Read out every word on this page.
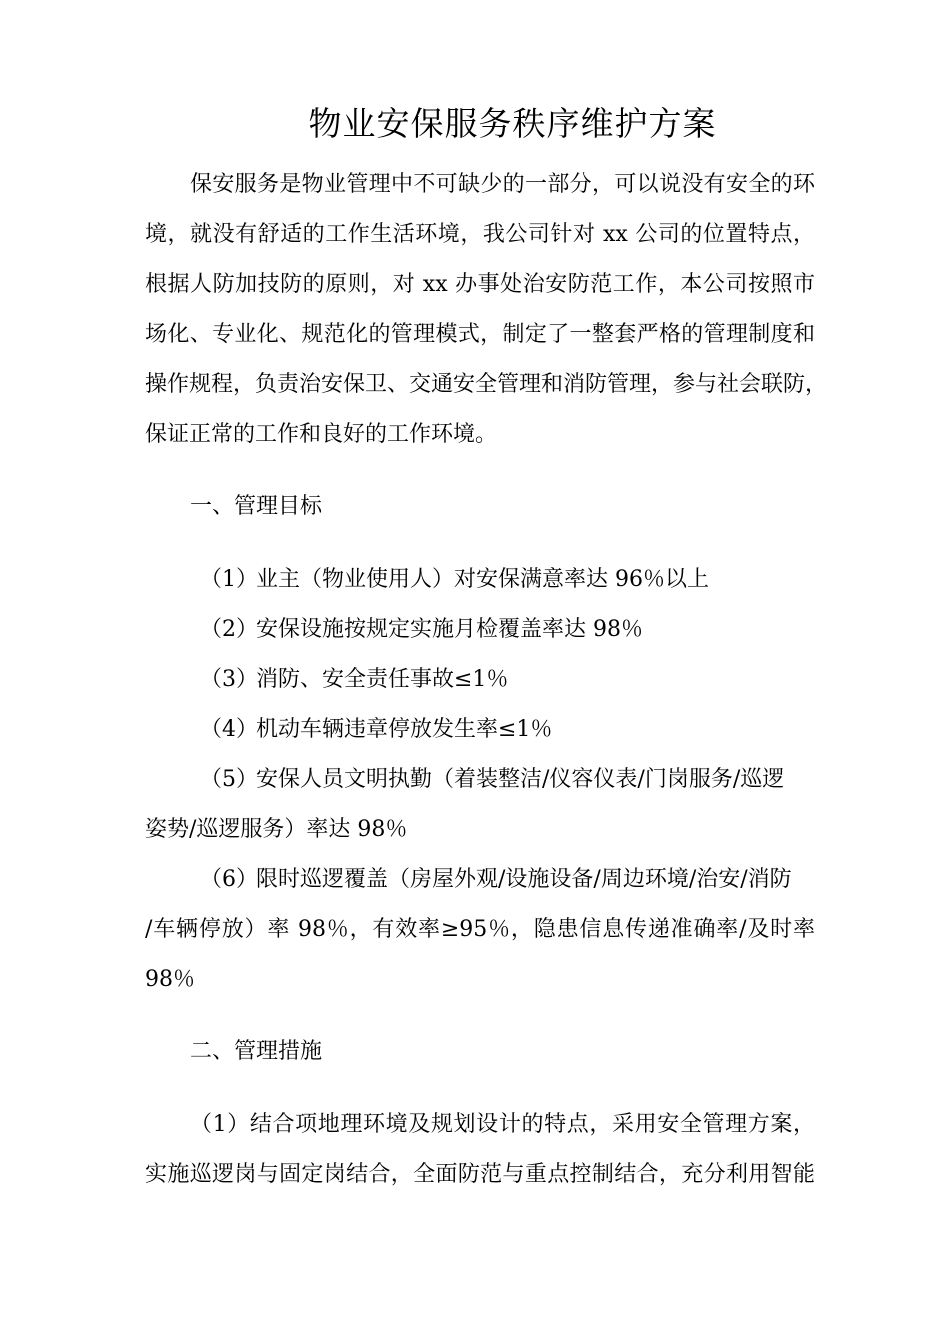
物业安保服务秩序维护方案

保安服务是物业管理中不可缺少的一部分，可以说没有安全的环

境，就没有舒适的工作生活环境，我公司针对 xx 公司的位置特点，

根据人防加技防的原则，对 xx 办事处治安防范工作，本公司按照市

场化、专业化、规范化的管理模式，制定了一整套严格的管理制度和

操作规程，负责治安保卫、交通安全管理和消防管理，参与社会联防，

保证正常的工作和良好的工作环境。

一、管理目标

（1）业主（物业使用人）对安保满意率达 96％以上

（2）安保设施按规定实施月检覆盖率达 98％

（3）消防、安全责任事故≤1％

（4）机动车辆违章停放发生率≤1％

（5）安保人员文明执勤（着装整洁/仪容仪表/门岗服务/巡逻

姿势/巡逻服务）率达 98％

（6）限时巡逻覆盖（房屋外观/设施设备/周边环境/治安/消防

/车辆停放）率 98％，有效率≥95％，隐患信息传递准确率/及时率

98％

二、管理措施

（1）结合项地理环境及规划设计的特点，采用安全管理方案，

实施巡逻岗与固定岗结合，全面防范与重点控制结合，充分利用智能
